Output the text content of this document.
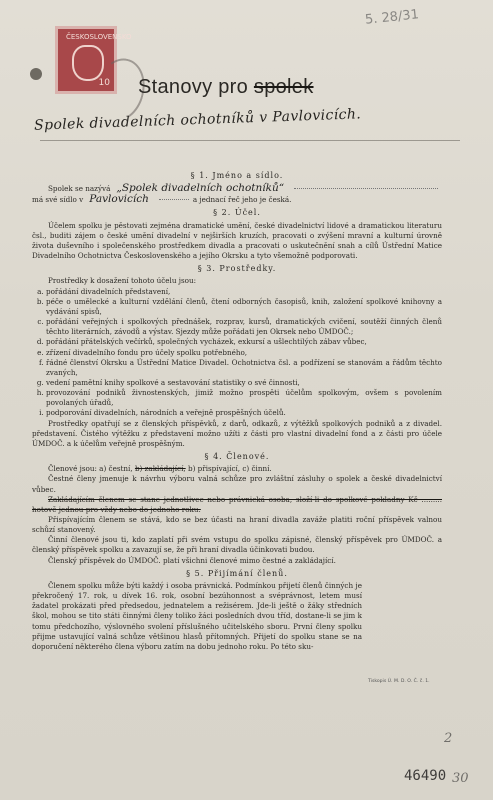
ČESKOSLOVENSKO
10
5. 28/31
Stanovy pro spolek
Spolek divadelních ochotníků v Pavlovicích.
§ 1. Jméno a sídlo.
Spolek se nazývá „Spolek divadelních ochotníků“
má své sídlo v Pavlovicích	a jednací řeč jeho je česká.
§ 2. Účel.

Účelem spolku je pěstovati zejména dramatické umění, české divadelnictví lidové a dramatickou literaturu čsl., buditi zájem o české umění divadelní v nejširších kruzích, pracovati o zvýšení mravní a kulturní úrovně života duševního i společenského prostředkem divadla a pracovati o uskutečnění snah a cílů Ústřední Matice Divadelního Ochotnictva Československého a jejího Okrsku a tyto všemožně podporovati.

§ 3. Prostředky.

Prostředky k dosažení tohoto účelu jsou:

a. pořádání divadelních představení,
b. péče o umělecké a kulturní vzdělání členů, čtení odborných časopisů, knih, založení spolkové knihovny a vydávání spisů,
c. pořádání veřejných i spolkových přednášek, rozprav, kursů, dramatických cvičení, soutěží činných členů těchto literárních, závodů a výstav. Sjezdy může pořádati jen Okrsek nebo ÚMDOČ.;
d. pořádání přátelských večírků, společných vycházek, exkursí a ušlechtilých zábav vůbec,
e. zřízení divadelního fondu pro účely spolku potřebného,
f. řádné členství Okrsku a Ústřední Matice Divadel. Ochotnictva čsl. a podřízení se stanovám a řádům těchto zvaných,
g. vedení pamětní knihy spolkové a sestavování statistiky o své činnosti,
h. provozování podniků živnostenských, jimiž možno prospěti účelům spolkovým, ovšem s povolením povolaných úřadů,
i. podporování divadelních, národních a veřejně prospěšných účelů.

Prostředky opatřují se z členských příspěvků, z darů, odkazů, z výtěžků spolkových podniků a z divadel. představení. Čistého výtěžku z představení možno užíti z části pro vlastní divadelní fond a z části pro účele ÚMDOČ. a k účelům veřejně prospěšným.

§ 4. Členové.

Členové jsou: a) čestní, b) zakládající, b) přispívající, c) činní.

Čestné členy jmenuje k návrhu výboru valná schůze pro zvláštní zásluhy o spolek a české divadelnictví vůbec.

Zakládajícím členem se stane jednotlivec nebo právnická osoba, složí-li do spolkové pokladny Kč ......... hotově jednou pro vždy nebo do jednoho roku.

Přispívajícím členem se stává, kdo se bez účasti na hraní divadla zaváže platiti roční příspěvek valnou schůzí stanovený.

Činní členové jsou ti, kdo zaplatí při svém vstupu do spolku zápisné, členský příspěvek pro ÚMDOČ. a členský příspěvek spolku a zavazují se, že při hraní divadla účinkovati budou.

Členský příspěvek do ÚMDOČ. platí všichni členové mimo čestné a zakládající.

§ 5. Přijímání členů.

Členem spolku může býti každý i osoba právnická. Podmínkou přijetí členů činných je překročený 17. rok, u dívek 16. rok, osobní bezúhonnost a svéprávnost, letem musí žadatel prokázati před předsedou, jednatelem a režisérem. Jde-li ještě o žáky středních škol, mohou se tito státi činnými členy toliko žáci posledních dvou tříd, dostane-li se jim k tomu předchozího, výslovného svolení příslušného učitelského sboru. První členy spolku přijme ustavující valná schůze většinou hlasů přítomných. Přijetí do spolku stane se na doporučení některého člena výboru zatím na dobu jednoho roku. Po této sku-

Tiskopis Ú. M. D. O. Č. č. 1.
2
46490 30
